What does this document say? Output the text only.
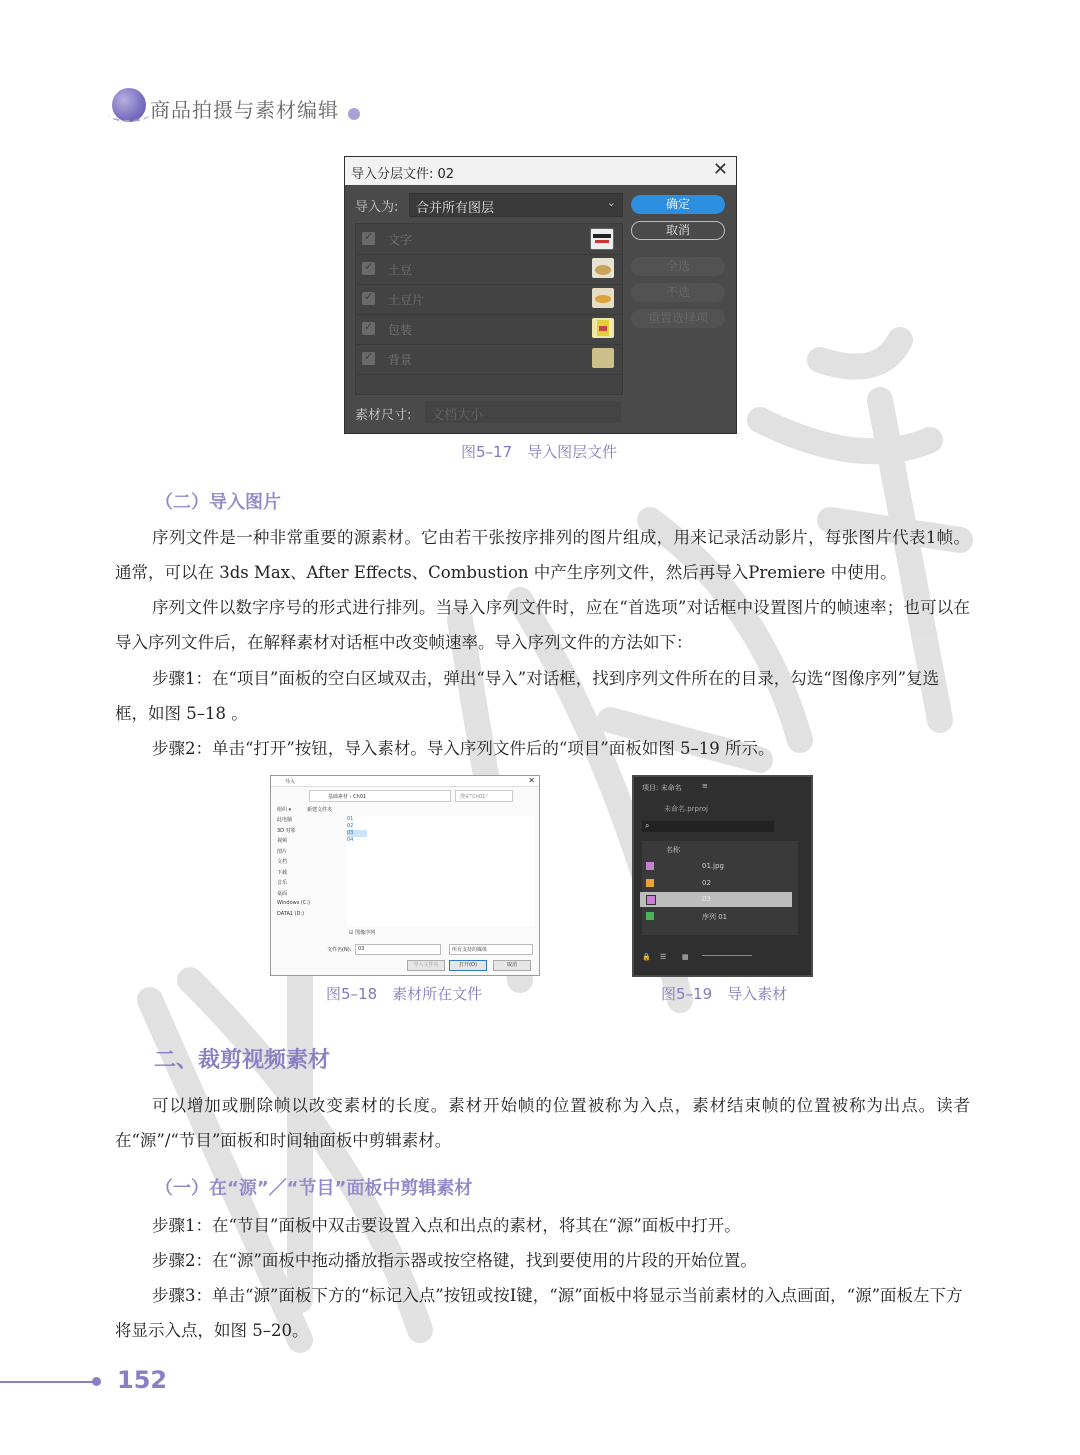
商品拍摄与素材编辑
导入分层文件: 02	✕
导入为: 合并所有图层	⌄
✓
文字
✓
土豆
✓
土豆片
✓
包装
✓
背景
确定
取消
全选
不选
重置选择项
素材尺寸: 文档大小
图5–17　导入图层文件
（二）导入图片
序列文件是一种非常重要的源素材。它由若干张按序排列的图片组成，用来记录活动影片，每张图片代表1帧。通常，可以在 3ds Max、After Effects、Combustion 中产生序列文件，然后再导入Premiere 中使用。
序列文件以数字序号的形式进行排列。当导入序列文件时，应在“首选项”对话框中设置图片的帧速率；也可以在导入序列文件后，在解释素材对话框中改变帧速率。导入序列文件的方法如下：
步骤1：在“项目”面板的空白区域双击，弹出“导入”对话框，找到序列文件所在的目录，勾选“图像序列”复选框，如图 5–18 。
步骤2：单击“打开”按钮，导入素材。导入序列文件后的“项目”面板如图 5–19 所示。
导入	✕
基础素材 › Ch01	搜索"Ch01"
组织 ▾	新建文件夹
此电脑
3D 对象
视频
图片
文档
下载
音乐
桌面
Windows (C:)
DATA1 (D:)
01
02
03
04
☑ 图像序列
文件名(N): 03	所有支持的媒体
导入文件夹	打开(O)	取消
图5–18　素材所在文件
项目: 未命名	≡
未命名.prproj
⌕
名称
01.jpg
02
03
序列 01
🔒 ☰ ▦
图5–19　导入素材
二、裁剪视频素材
可以增加或删除帧以改变素材的长度。素材开始帧的位置被称为入点，素材结束帧的位置被称为出点。读者在“源”/“节目”面板和时间轴面板中剪辑素材。
（一）在“源”／“节目”面板中剪辑素材
步骤1：在“节目”面板中双击要设置入点和出点的素材，将其在“源”面板中打开。
步骤2：在“源”面板中拖动播放指示器或按空格键，找到要使用的片段的开始位置。
步骤3：单击“源”面板下方的“标记入点”按钮或按I键，“源”面板中将显示当前素材的入点画面，“源”面板左下方将显示入点，如图 5–20。
152
